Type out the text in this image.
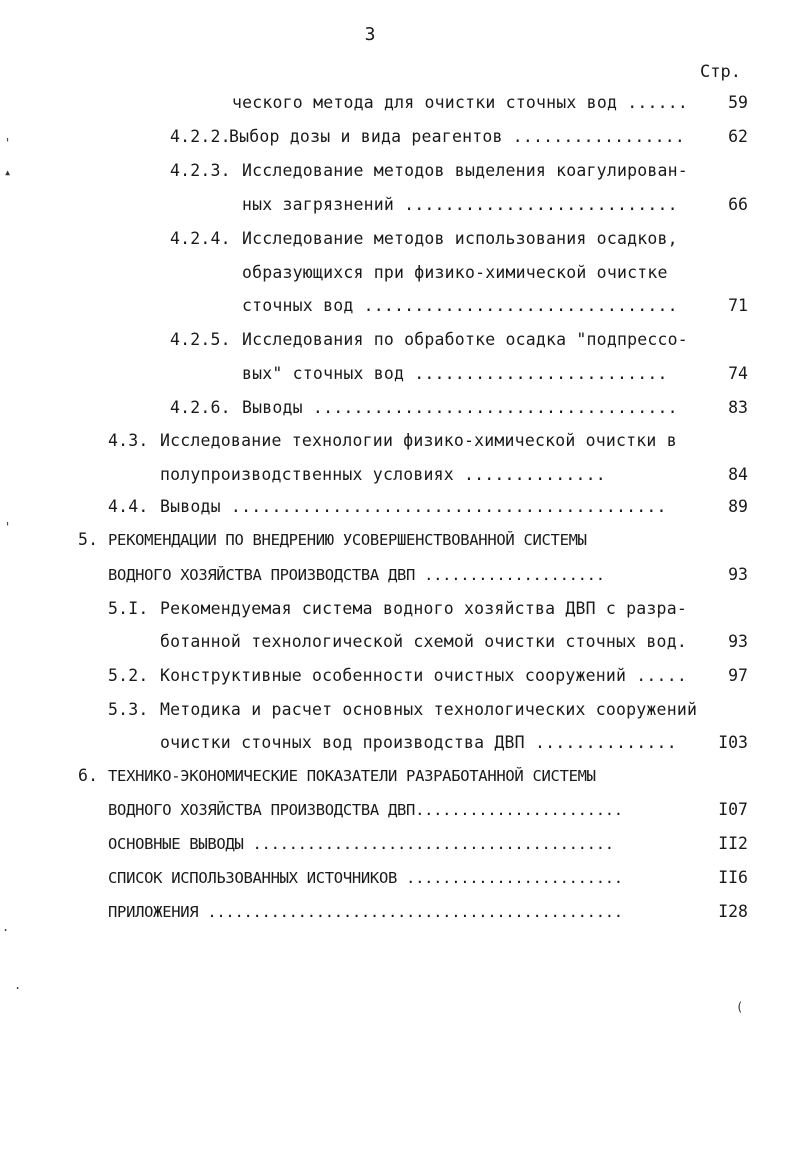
3
Стр.
ческого метода для очистки сточных вод ......	59
4.2.2.
Выбор дозы и вида реагентов .................	62
4.2.3. Исследование методов выделения коагулирован-
ных загрязнений ...........................	66
4.2.4. Исследование методов использования осадков,
образующихся при физико-химической очистке
сточных вод ...............................	71
4.2.5. Исследования по обработке осадка "подпрессо-
вых" сточных вод .........................	74
4.2.6. Выводы ....................................	83
4.3. Исследование технологии физико-химической очистки в
полупроизводственных условиях ..............	84
4.4. Выводы ...........................................	89
5. РЕКОМЕНДАЦИИ ПО ВНЕДРЕНИЮ УСОВЕРШЕНСТВОВАННОЙ СИСТЕМЫ
ВОДНОГО ХОЗЯЙСТВА ПРОИЗВОДСТВА ДВП ....................	93
5.I. Рекомендуемая система водного хозяйства ДВП с разра-
ботанной технологической схемой очистки сточных вод.	93
5.2. Конструктивные особенности очистных сооружений .....	97
5.3. Методика и расчет основных технологических сооружений
очистки сточных вод производства ДВП ..............	I03
6. ТЕХНИКО-ЭКОНОМИЧЕСКИЕ ПОКАЗАТЕЛИ РАЗРАБОТАННОЙ СИСТЕМЫ
ВОДНОГО ХОЗЯЙСТВА ПРОИЗВОДСТВА ДВП.......................	I07
ОСНОВНЫЕ ВЫВОДЫ ........................................	II2
СПИСОК ИСПОЛЬЗОВАННЫХ ИСТОЧНИКОВ ........................	II6
ПРИЛОЖЕНИЯ ..............................................	I28
'
▴
'
.
.
(
